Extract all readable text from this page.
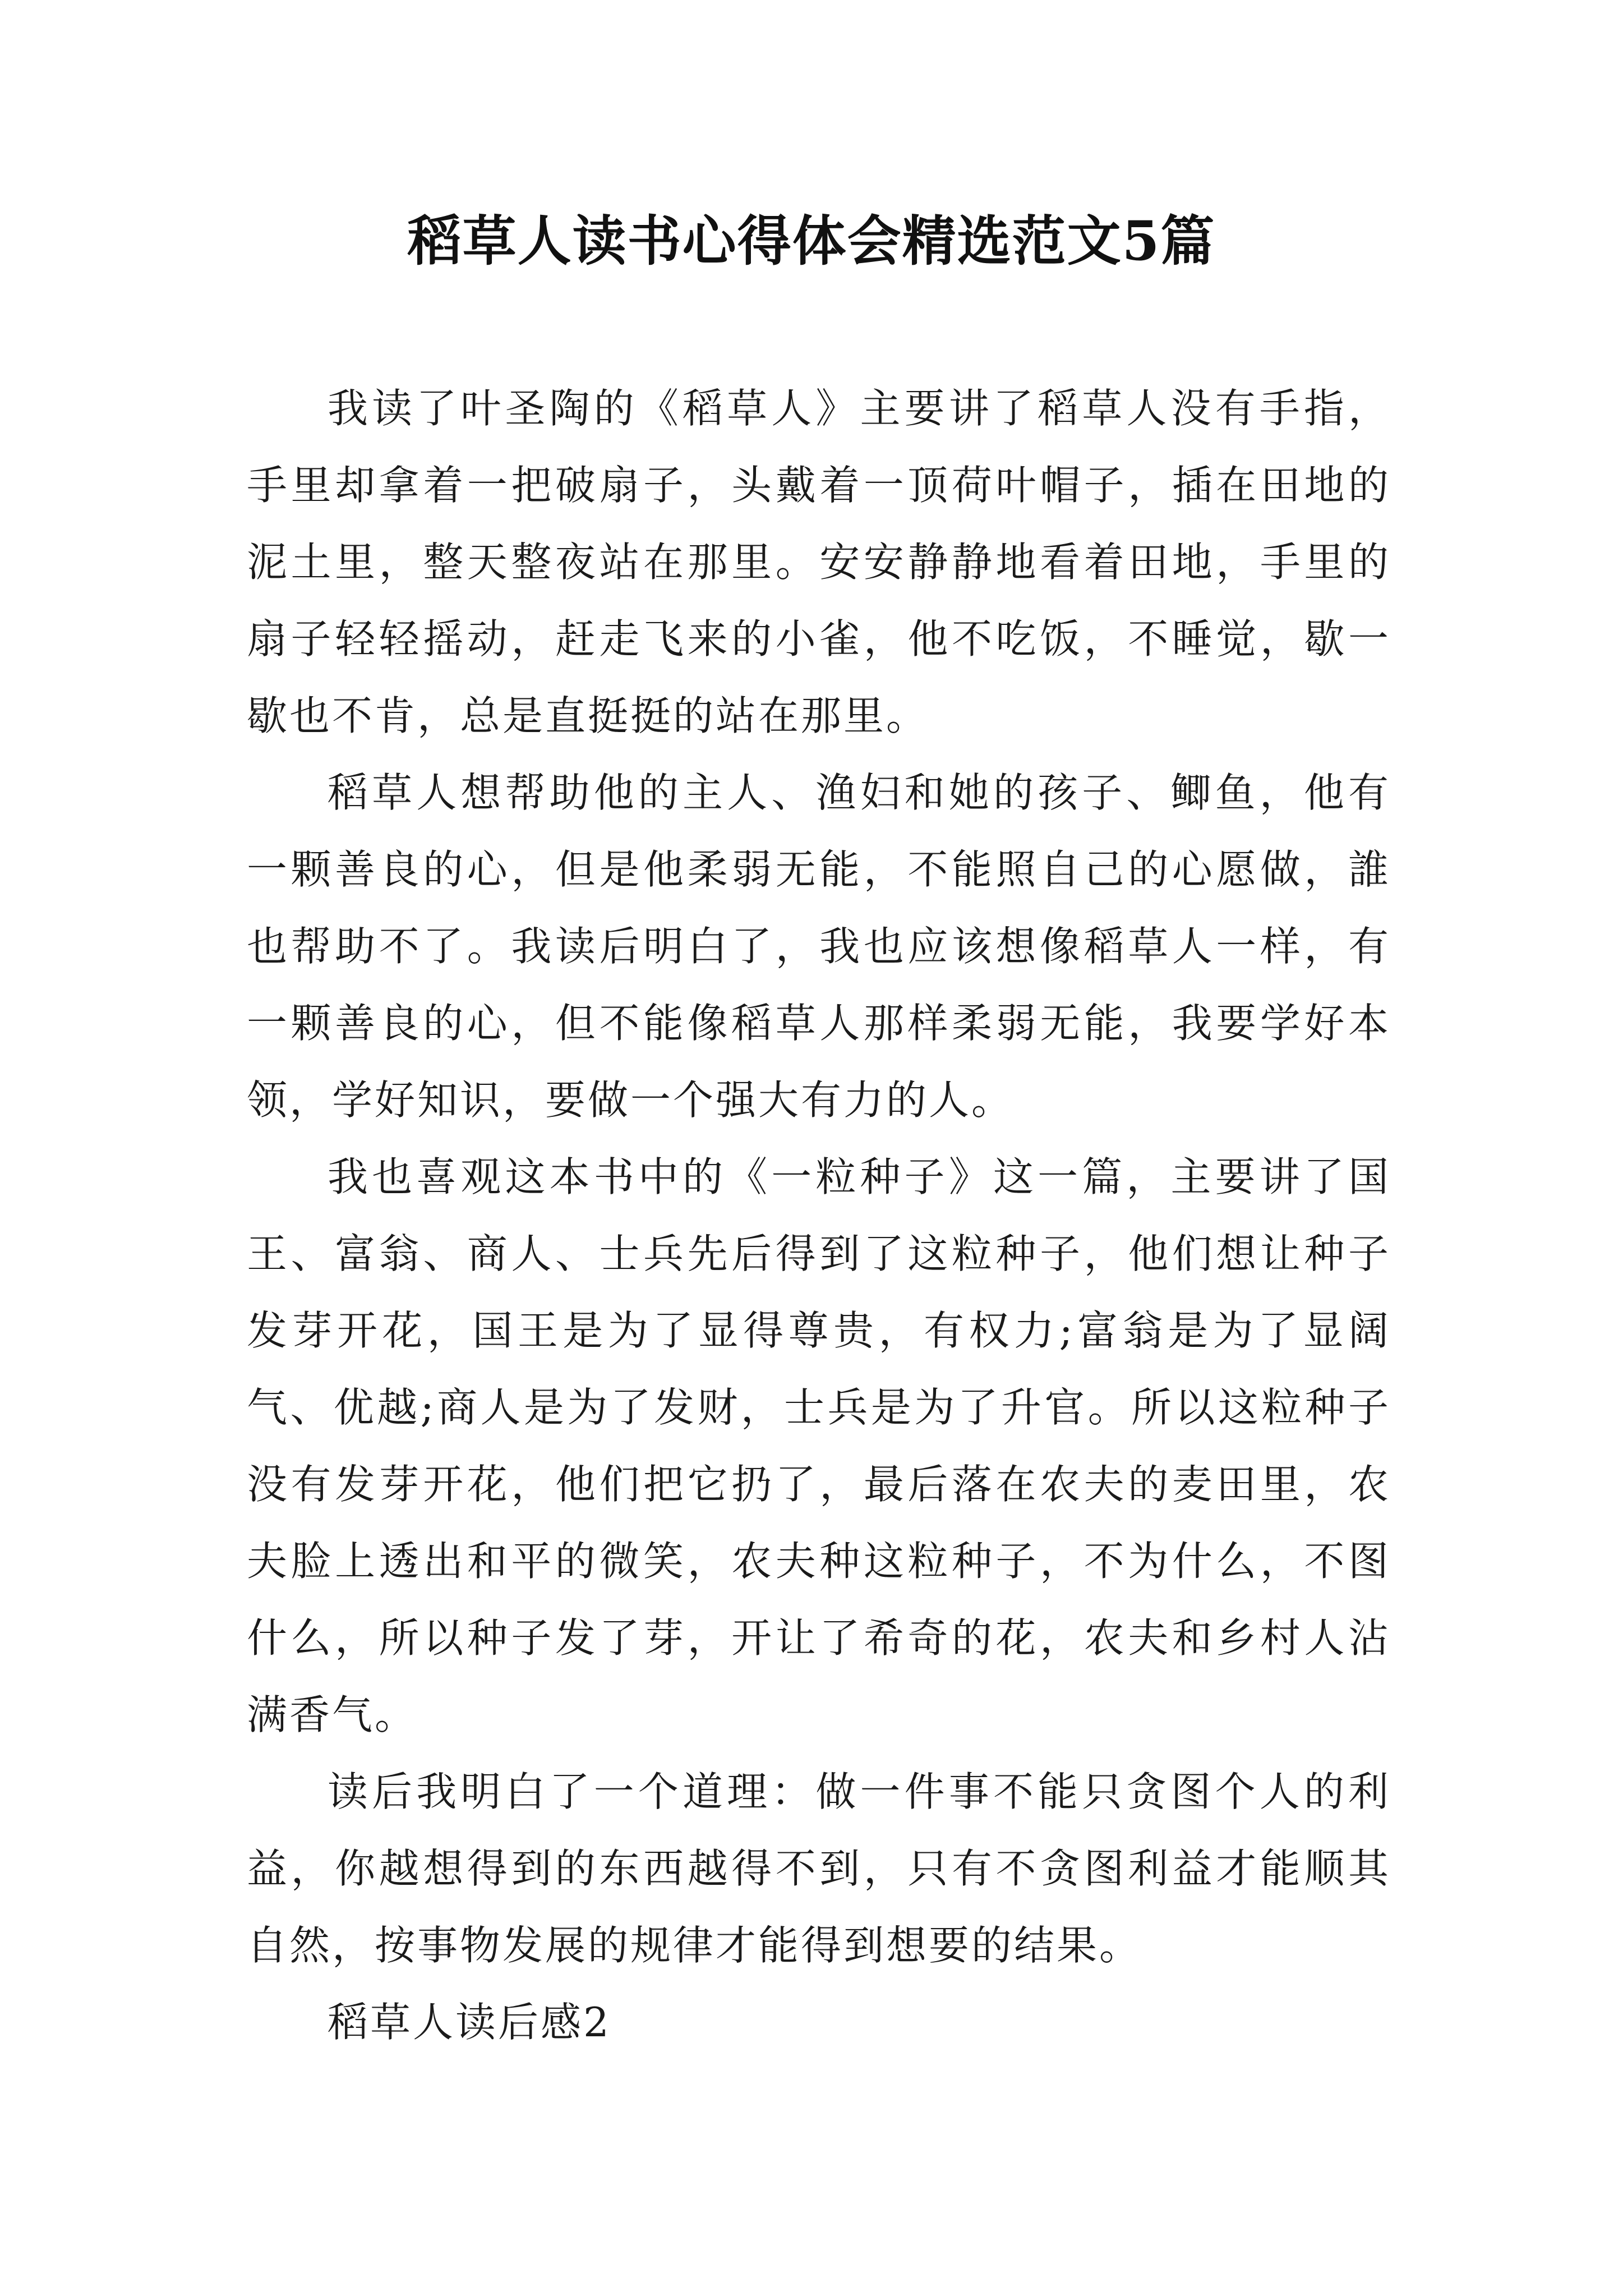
稻草人读书心得体会精选范文5篇

我读了叶圣陶的《稻草人》主要讲了稻草人没有手指，手里却拿着一把破扇子，头戴着一顶荷叶帽子，插在田地的泥土里，整天整夜站在那里。安安静静地看着田地，手里的扇子轻轻摇动，赶走飞来的小雀，他不吃饭，不睡觉，歇一歇也不肯，总是直挺挺的站在那里。

稻草人想帮助他的主人、渔妇和她的孩子、鲫鱼，他有一颗善良的心，但是他柔弱无能，不能照自己的心愿做，誰也帮助不了。我读后明白了，我也应该想像稻草人一样，有一颗善良的心，但不能像稻草人那样柔弱无能，我要学好本领，学好知识，要做一个强大有力的人。

我也喜观这本书中的《一粒种子》这一篇，主要讲了国王、富翁、商人、士兵先后得到了这粒种子，他们想让种子发芽开花，国王是为了显得尊贵，有权力;富翁是为了显阔气、优越;商人是为了发财，士兵是为了升官。所以这粒种子没有发芽开花，他们把它扔了，最后落在农夫的麦田里，农夫脸上透出和平的微笑，农夫种这粒种子，不为什么，不图什么，所以种子发了芽，开让了希奇的花，农夫和乡村人沾满香气。

读后我明白了一个道理：做一件事不能只贪图个人的利益，你越想得到的东西越得不到，只有不贪图利益才能顺其自然，按事物发展的规律才能得到想要的结果。

稻草人读后感2
